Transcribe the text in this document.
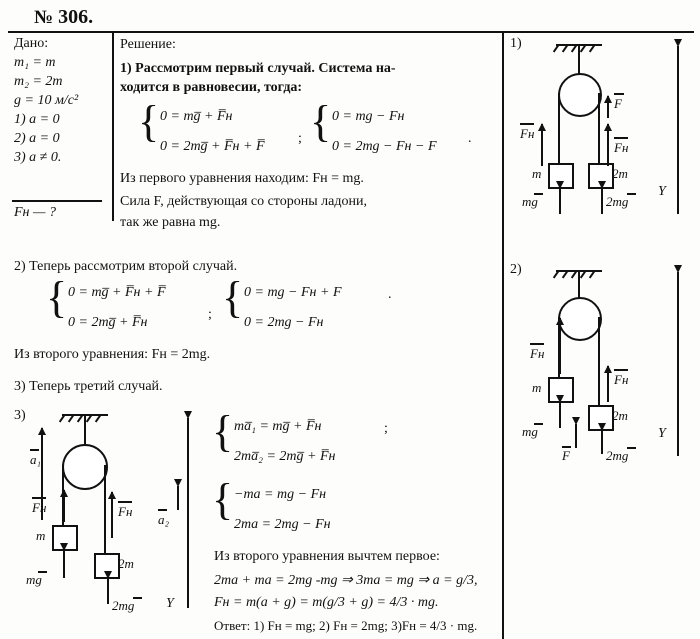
№ 306.
Дано:
m₁ = m
m₂ = 2m
g = 10 м/с²
1) a = 0
2) a = 0
3) a ≠ 0.
Fн — ?
Решение:
1) Рассмотрим первый случай. Система на-
ходится в равновесии, тогда:
{ 0 = mg̅ + F̅н
0 = 2mg̅ + F̅н + F̅
; { 0 = mg − Fн
0 = 2mg − Fн − F
.
Из первого уравнения находим: Fн = mg.
Сила F, действующая со стороны ладони,
так же равна mg.
2) Теперь рассмотрим второй случай.
{ 0 = mg̅ + F̅н + F̅
0 = 2mg̅ + F̅н
; { 0 = mg − Fн + F
0 = 2mg − Fн
.
Из второго уравнения: Fн = 2mg.
3) Теперь третий случай.
{ ma̅₁ = mg̅ + F̅н
2ma̅₂ = 2mg̅ + F̅н
;
{ −ma = mg − Fн
2ma = 2mg − Fн
Из второго уравнения вычтем первое:
2ma + ma = 2mg -mg ⇒ 3ma = mg ⇒ a = g/3,
Fн = m(a + g) = m(g/3 + g) = 4/3 · mg.
Ответ: 1) Fн = mg; 2) Fн = 2mg; 3)Fн = 4/3 · mg.
1)
Fн
Fн
F
m	2m
mg	2mg
Y
2)
Fн
Fн
m
2m
mg
F	2mg
Y
3)
a₁
Fн	Fн
a₂
m
2m
mg
2mg Y
